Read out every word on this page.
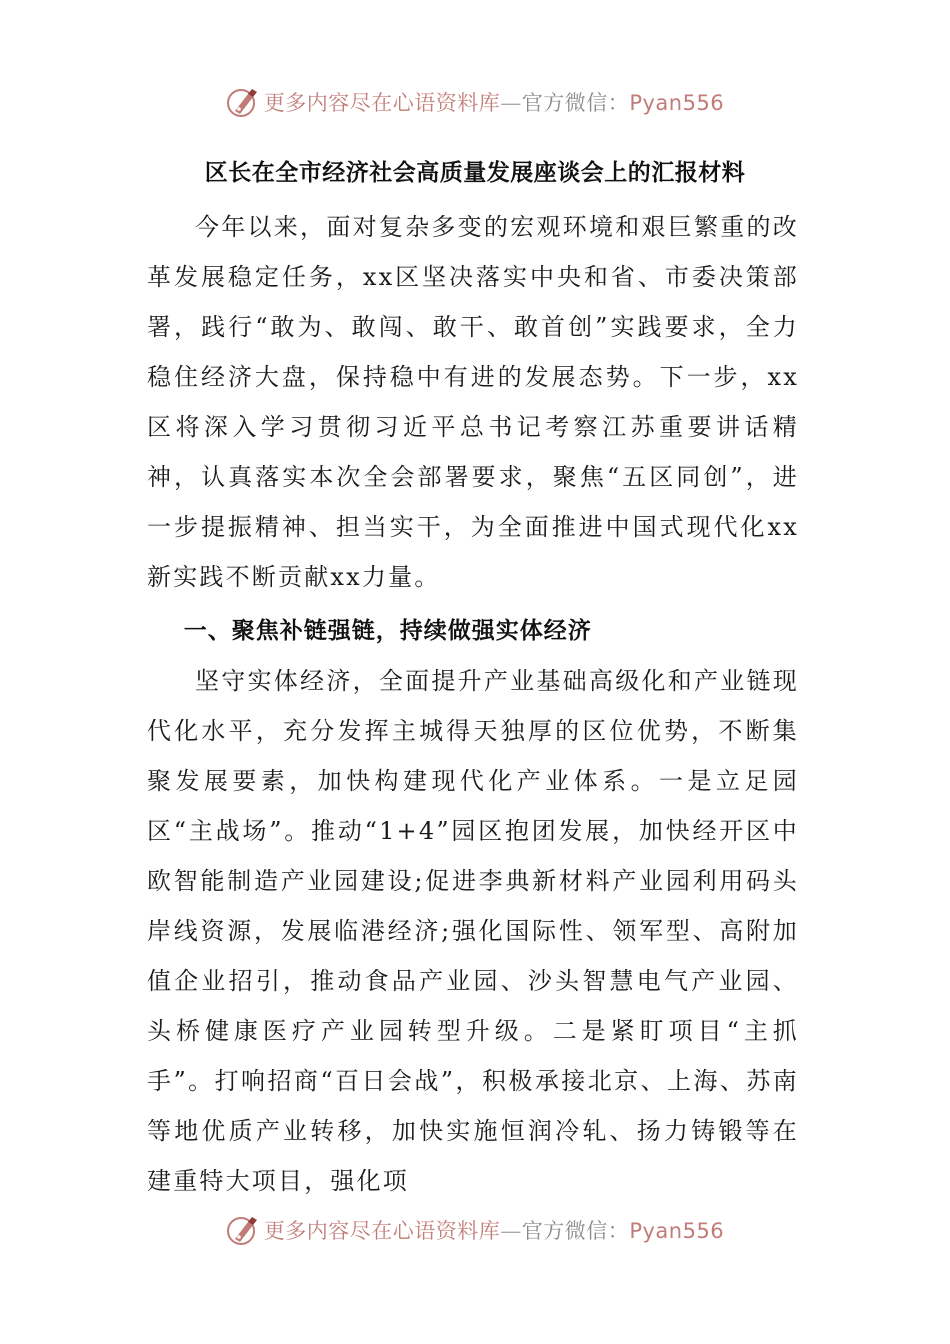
更多内容尽在心语资料库—官方微信：Pyan556
区长在全市经济社会高质量发展座谈会上的汇报材料

今年以来，面对复杂多变的宏观环境和艰巨繁重的改革发展稳定任务，xx区坚决落实中央和省、市委决策部署，践行“敢为、敢闯、敢干、敢首创”实践要求，全力稳住经济大盘，保持稳中有进的发展态势。下一步，xx区将深入学习贯彻习近平总书记考察江苏重要讲话精神，认真落实本次全会部署要求，聚焦“五区同创”，进一步提振精神、担当实干，为全面推进中国式现代化xx新实践不断贡献xx力量。

一、聚焦补链强链，持续做强实体经济

坚守实体经济，全面提升产业基础高级化和产业链现代化水平，充分发挥主城得天独厚的区位优势，不断集聚发展要素，加快构建现代化产业体系。一是立足园区“主战场”。推动“1+4”园区抱团发展，加快经开区中欧智能制造产业园建设;促进李典新材料产业园利用码头岸线资源，发展临港经济;强化国际性、领军型、高附加值企业招引，推动食品产业园、沙头智慧电气产业园、头桥健康医疗产业园转型升级。二是紧盯项目“主抓手”。打响招商“百日会战”，积极承接北京、上海、苏南等地优质产业转移，加快实施恒润冷轧、扬力铸锻等在建重特大项目，强化项

更多内容尽在心语资料库—官方微信：Pyan556
